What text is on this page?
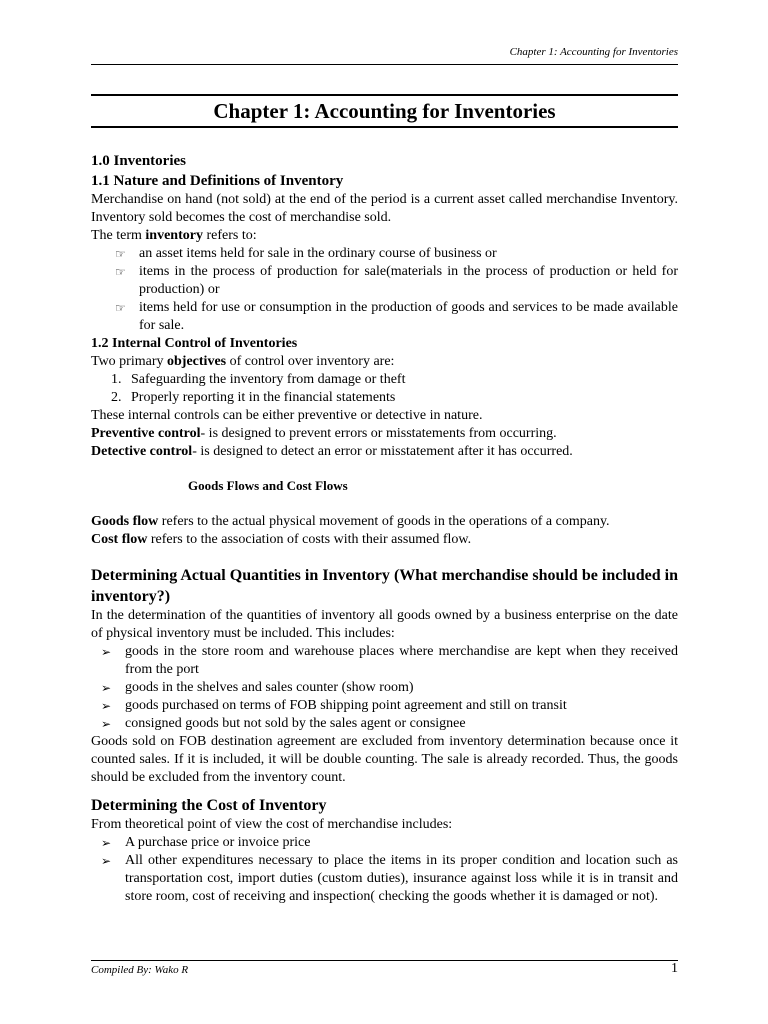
Chapter 1: Accounting for Inventories
Chapter 1: Accounting for Inventories
1.0 Inventories
1.1 Nature and Definitions of Inventory

Merchandise on hand (not sold) at the end of the period is a current asset called merchandise Inventory. Inventory sold becomes the cost of merchandise sold.

The term inventory refers to:

☞ an asset items held for sale in the ordinary course of business or
☞ items in the process of production for sale(materials in the process of production or held for production) or
☞ items held for use or consumption in the production of goods and services to be made available for sale.
1.2 Internal Control of Inventories

Two primary objectives of control over inventory are:

1. Safeguarding the inventory from damage or theft
2. Properly reporting it in the financial statements

These internal controls can be either preventive or detective in nature.

Preventive control- is designed to prevent errors or misstatements from occurring.

Detective control- is designed to detect an error or misstatement after it has occurred.

Goods Flows and Cost Flows

Goods flow refers to the actual physical movement of goods in the operations of a company.

Cost flow refers to the association of costs with their assumed flow.

Determining Actual Quantities in Inventory (What merchandise should be included in inventory?)

In the determination of the quantities of inventory all goods owned by a business enterprise on the date of physical inventory must be included. This includes:

➢ goods in the store room and warehouse places where merchandise are kept when they received from the port
➢ goods in the shelves and sales counter (show room)
➢ goods purchased on terms of FOB shipping point agreement and still on transit
➢ consigned goods but not sold by the sales agent or consignee

Goods sold on FOB destination agreement are excluded from inventory determination because once it counted sales. If it is included, it will be double counting. The sale is already recorded. Thus, the goods should be excluded from the inventory count.

Determining the Cost of Inventory

From theoretical point of view the cost of merchandise includes:

➢ A purchase price or invoice price
➢ All other expenditures necessary to place the items in its proper condition and location such as transportation cost, import duties (custom duties), insurance against loss while it is in transit and store room, cost of receiving and inspection( checking the goods whether it is damaged or not).
Compiled By: Wako R	1
